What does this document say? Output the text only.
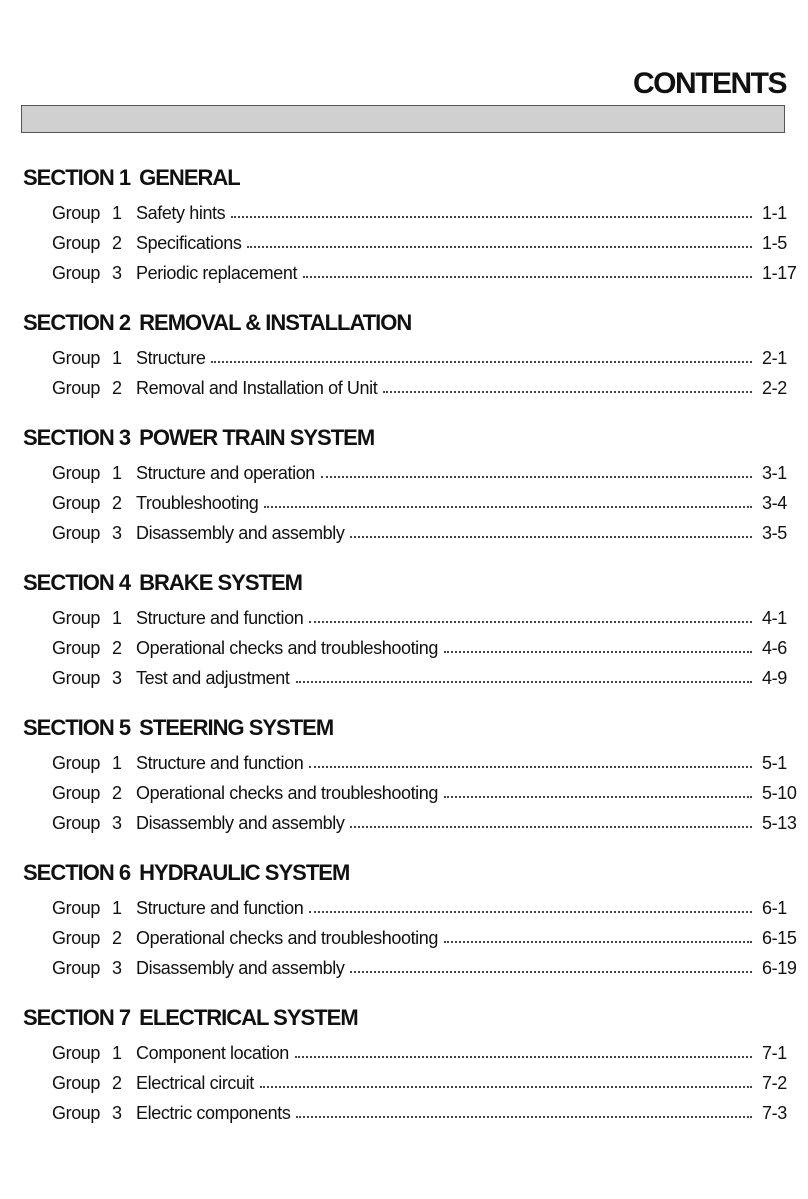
CONTENTS
SECTION 1 GENERAL
Group 1 Safety hints	1-1
Group 2 Specifications	1-5
Group 3 Periodic replacement	1-17
SECTION 2 REMOVAL & INSTALLATION
Group 1 Structure	2-1
Group 2 Removal and Installation of Unit	2-2
SECTION 3 POWER TRAIN SYSTEM
Group 1 Structure and operation	3-1
Group 2 Troubleshooting	3-4
Group 3 Disassembly and assembly	3-5
SECTION 4 BRAKE SYSTEM
Group 1 Structure and function	4-1
Group 2 Operational checks and troubleshooting	4-6
Group 3 Test and adjustment	4-9
SECTION 5 STEERING SYSTEM
Group 1 Structure and function	5-1
Group 2 Operational checks and troubleshooting	5-10
Group 3 Disassembly and assembly	5-13
SECTION 6 HYDRAULIC SYSTEM
Group 1 Structure and function	6-1
Group 2 Operational checks and troubleshooting	6-15
Group 3 Disassembly and assembly	6-19
SECTION 7 ELECTRICAL SYSTEM
Group 1 Component location	7-1
Group 2 Electrical circuit	7-2
Group 3 Electric components	7-3
